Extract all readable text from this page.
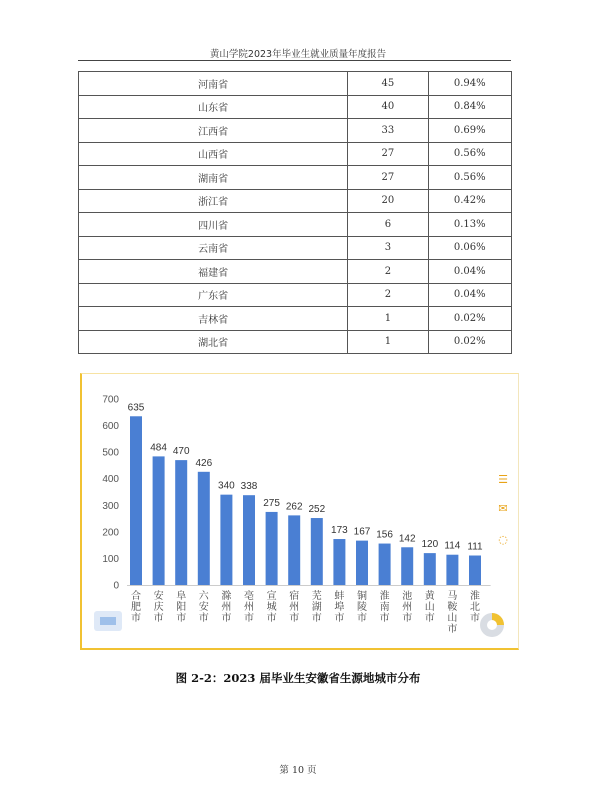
黄山学院2023年毕业生就业质量年度报告
河南省	45	0.94%
山东省	40	0.84%
江西省	33	0.69%
山西省	27	0.56%
湖南省	27	0.56%
浙江省	20	0.42%
四川省	6	0.13%
云南省	3	0.06%
福建省	2	0.04%
广东省	2	0.04%
吉林省	1	0.02%
湖北省	1	0.02%
0
100
200
300
400
500
600
700
635
合肥市
484
安庆市
470
阜阳市
426
六安市
340
滁州市
338
亳州市
275
宣城市
262
宿州市
252
芜湖市
173
蚌埠市
167
铜陵市
156
淮南市
142
池州市
120
黄山市
114
马鞍山市
111
淮北市
☰
✉
◌
图 2-2：2023 届毕业生安徽省生源地城市分布
第 10 页
